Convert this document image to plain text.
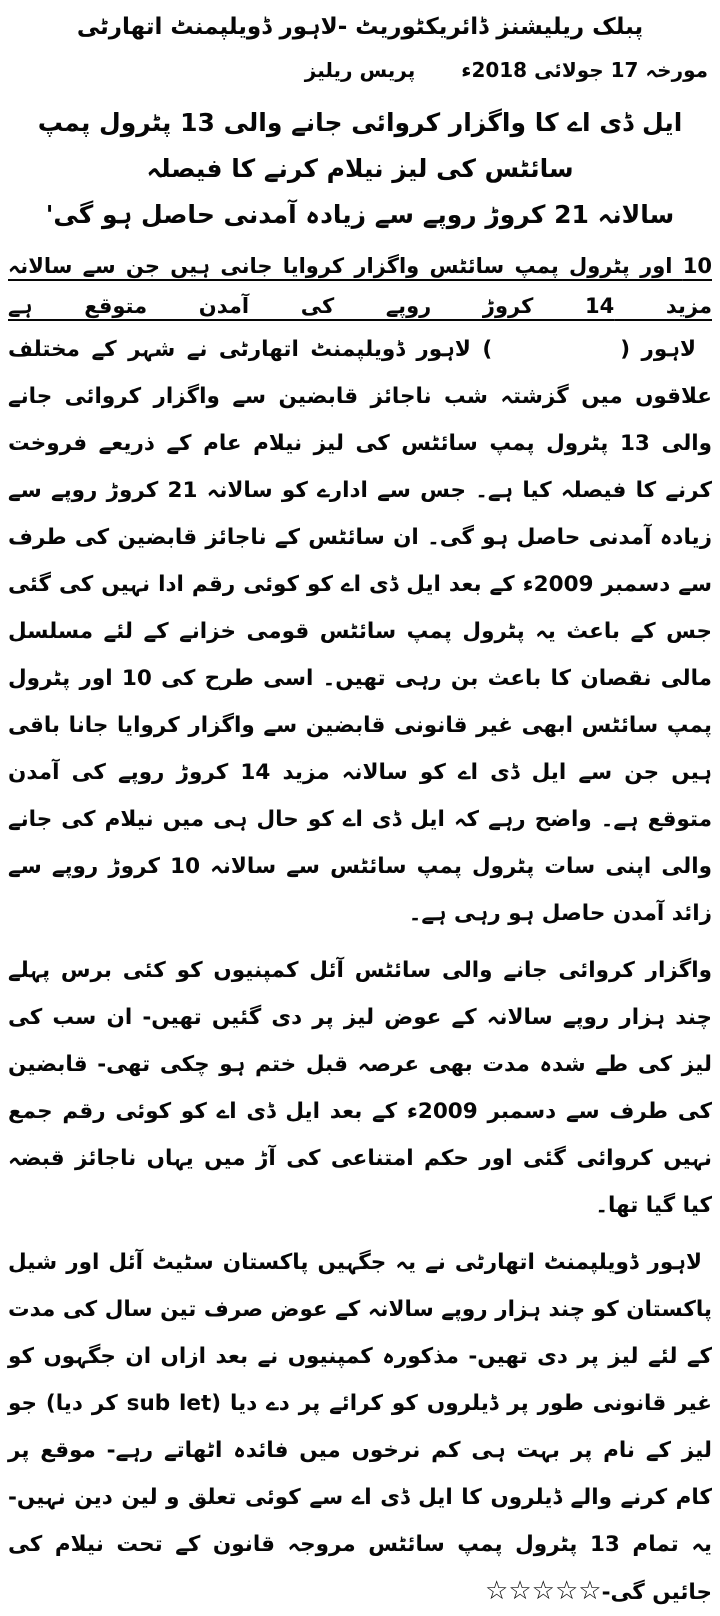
پبلک ریلیشنز ڈائریکٹوریٹ -لاہور ڈویلپمنٹ اتھارٹی
مورخہ 17 جولائی 2018ء
پریس ریلیز
ایل ڈی اے کا واگزار کروائی جانے والی 13 پٹرول پمپ سائٹس کی لیز نیلام کرنے کا فیصلہ
سالانہ 21 کروڑ روپے سے زیادہ آمدنی حاصل ہو گی'
10 اور پٹرول پمپ سائٹس واگزار کروایا جانی ہیں جن سے سالانہ مزید 14 کروڑ روپے کی آمدن متوقع ہے

لاہور () لاہور ڈویلپمنٹ اتھارٹی نے شہر کے مختلف علاقوں میں گزشتہ شب ناجائز قابضین سے واگزار کروائی جانے والی 13 پٹرول پمپ سائٹس کی لیز نیلام عام کے ذریعے فروخت کرنے کا فیصلہ کیا ہے۔ جس سے ادارے کو سالانہ 21 کروڑ روپے سے زیادہ آمدنی حاصل ہو گی۔ ان سائٹس کے ناجائز قابضین کی طرف سے دسمبر 2009ء کے بعد ایل ڈی اے کو کوئی رقم ادا نہیں کی گئی جس کے باعث یہ پٹرول پمپ سائٹس قومی خزانے کے لئے مسلسل مالی نقصان کا باعث بن رہی تھیں۔ اسی طرح کی 10 اور پٹرول پمپ سائٹس ابھی غیر قانونی قابضین سے واگزار کروایا جانا باقی ہیں جن سے ایل ڈی اے کو سالانہ مزید 14 کروڑ روپے کی آمدن متوقع ہے۔ واضح رہے کہ ایل ڈی اے کو حال ہی میں نیلام کی جانے والی اپنی سات پٹرول پمپ سائٹس سے سالانہ 10 کروڑ روپے سے زائد آمدن حاصل ہو رہی ہے۔

واگزار کروائی جانے والی سائٹس آئل کمپنیوں کو کئی برس پہلے چند ہزار روپے سالانہ کے عوض لیز پر دی گئیں تھیں- ان سب کی لیز کی طے شدہ مدت بھی عرصہ قبل ختم ہو چکی تھی- قابضین کی طرف سے دسمبر 2009ء کے بعد ایل ڈی اے کو کوئی رقم جمع نہیں کروائی گئی اور حکم امتناعی کی آڑ میں یہاں ناجائز قبضہ کیا گیا تھا۔

لاہور ڈویلپمنٹ اتھارٹی نے یہ جگہیں پاکستان سٹیٹ آئل اور شیل پاکستان کو چند ہزار روپے سالانہ کے عوض صرف تین سال کی مدت کے لئے لیز پر دی تھیں- مذکورہ کمپنیوں نے بعد ازاں ان جگہوں کو غیر قانونی طور پر ڈیلروں کو کرائے پر دے دیا (sub let کر دیا) جو لیز کے نام پر بہت ہی کم نرخوں میں فائدہ اٹھاتے رہے- موقع پر کام کرنے والے ڈیلروں کا ایل ڈی اے سے کوئی تعلق و لین دین نہیں- یہ تمام 13 پٹرول پمپ سائٹس مروجہ قانون کے تحت نیلام کی جائیں گی-☆☆☆☆☆
